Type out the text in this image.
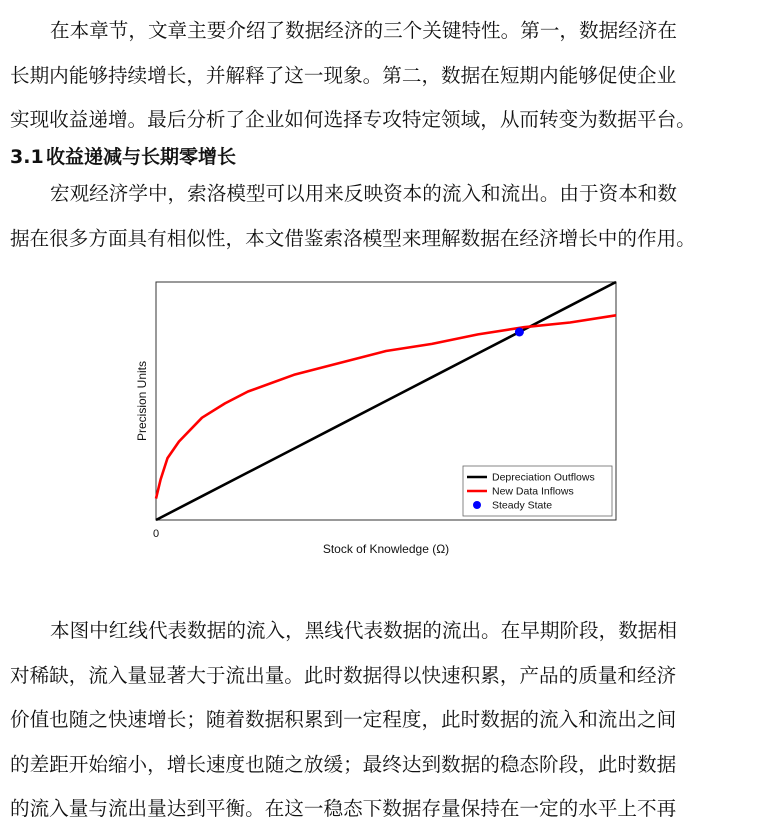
在本章节，文章主要介绍了数据经济的三个关键特性。第一，数据经济在
长期内能够持续增长，并解释了这一现象。第二，数据在短期内能够促使企业
实现收益递增。最后分析了企业如何选择专攻特定领域，从而转变为数据平台。

3.1 收益递减与长期零增长

宏观经济学中，索洛模型可以用来反映资本的流入和流出。由于资本和数
据在很多方面具有相似性，本文借鉴索洛模型来理解数据在经济增长中的作用。

0
Stock of Knowledge (Ω)
Precision Units
Depreciation Outflows
New Data Inflows
Steady State

本图中红线代表数据的流入，黑线代表数据的流出。在早期阶段，数据相
对稀缺，流入量显著大于流出量。此时数据得以快速积累，产品的质量和经济
价值也随之快速增长；随着数据积累到一定程度，此时数据的流入和流出之间
的差距开始缩小，增长速度也随之放缓；最终达到数据的稳态阶段，此时数据
的流入量与流出量达到平衡。在这一稳态下数据存量保持在一定的水平上不再
